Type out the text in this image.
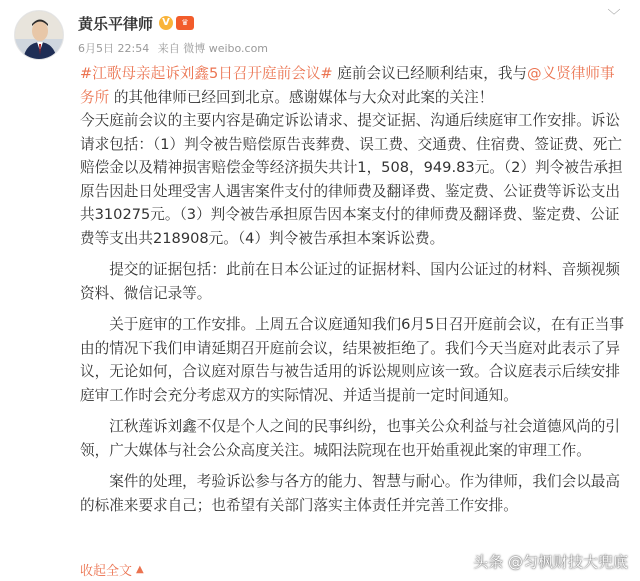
黄乐平律师 V	♛
6月5日 22:54 来自 微博 weibo.com
﹀

#江歌母亲起诉刘鑫5日召开庭前会议# 庭前会议已经顺利结束，我与@义贤律师事务所 的其他律师已经回到北京。感谢媒体与大众对此案的关注！

今天庭前会议的主要内容是确定诉讼请求、提交证据、沟通后续庭审工作安排。诉讼请求包括：（1）判令被告赔偿原告丧葬费、误工费、交通费、住宿费、签证费、死亡赔偿金以及精神损害赔偿金等经济损失共计1，508，949.83元。（2）判令被告承担原告因赴日处理受害人遇害案件支付的律师费及翻译费、鉴定费、公证费等诉讼支出共310275元。（3）判令被告承担原告因本案支付的律师费及翻译费、鉴定费、公证费等支出共218908元。（4）判令被告承担本案诉讼费。

提交的证据包括：此前在日本公证过的证据材料、国内公证过的材料、音频视频资料、微信记录等。

关于庭审的工作安排。上周五合议庭通知我们6月5日召开庭前会议，在有正当事由的情况下我们申请延期召开庭前会议，结果被拒绝了。我们今天当庭对此表示了异议，无论如何，合议庭对原告与被告适用的诉讼规则应该一致。合议庭表示后续安排庭审工作时会充分考虑双方的实际情况、并适当提前一定时间通知。

江秋莲诉刘鑫不仅是个人之间的民事纠纷，也事关公众利益与社会道德风尚的引领，广大媒体与社会公众高度关注。城阳法院现在也开始重视此案的审理工作。

案件的处理，考验诉讼参与各方的能力、智慧与耐心。作为律师，我们会以最高的标准来要求自己；也希望有关部门落实主体责任并完善工作安排。

收起全文 ▲	头条 @匀枫财技大兜底
